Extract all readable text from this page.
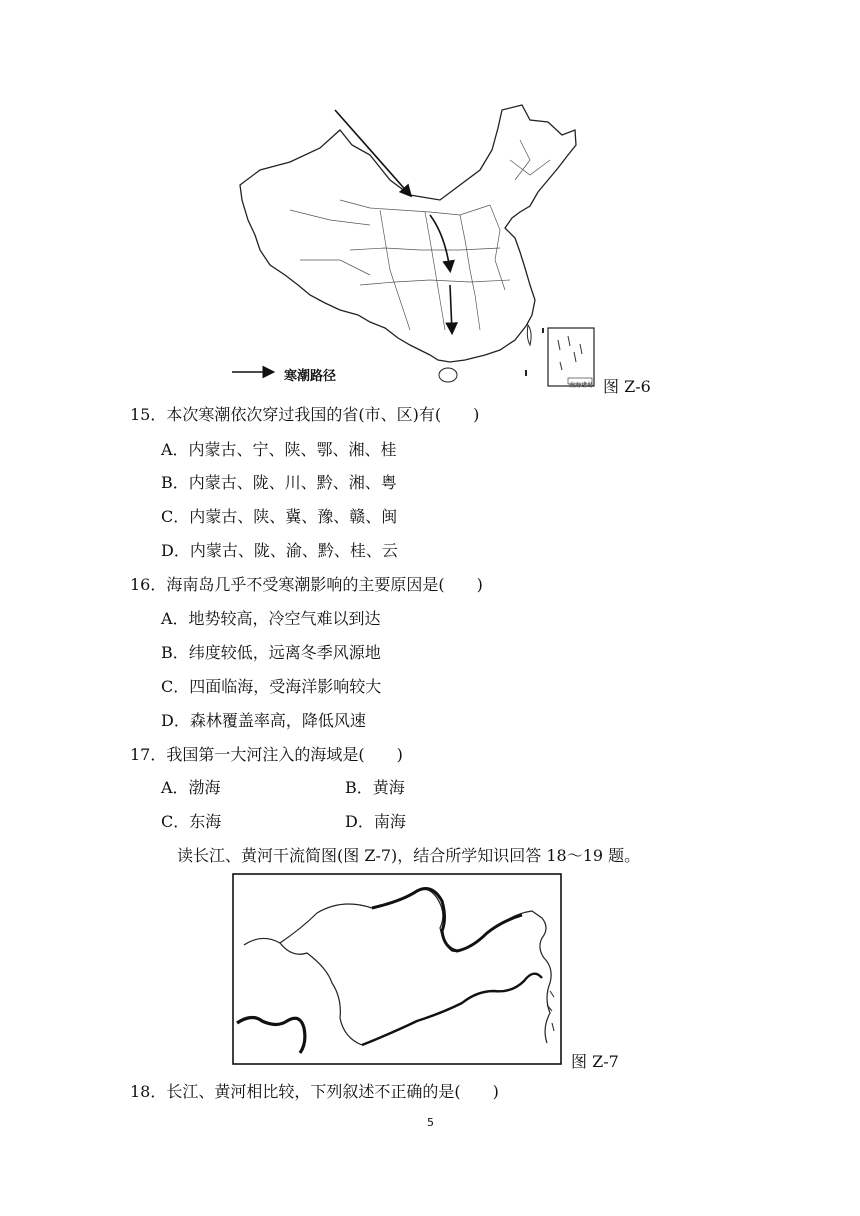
寒潮路径
南海诸岛 图 Z-6
15．本次寒潮依次穿过我国的省(市、区)有(　　)
A．内蒙古、宁、陕、鄂、湘、桂
B．内蒙古、陇、川、黔、湘、粤
C．内蒙古、陕、冀、豫、赣、闽
D．内蒙古、陇、渝、黔、桂、云
16．海南岛几乎不受寒潮影响的主要原因是(　　)
A．地势较高，冷空气难以到达
B．纬度较低，远离冬季风源地
C．四面临海，受海洋影响较大
D．森林覆盖率高，降低风速
17．我国第一大河注入的海域是(　　)
A．渤海	B．黄海
C．东海	D．南海
读长江、黄河干流简图(图 Z-7)，结合所学知识回答 18～19 题。
图 Z-7
18．长江、黄河相比较，下列叙述不正确的是(　　)
5
